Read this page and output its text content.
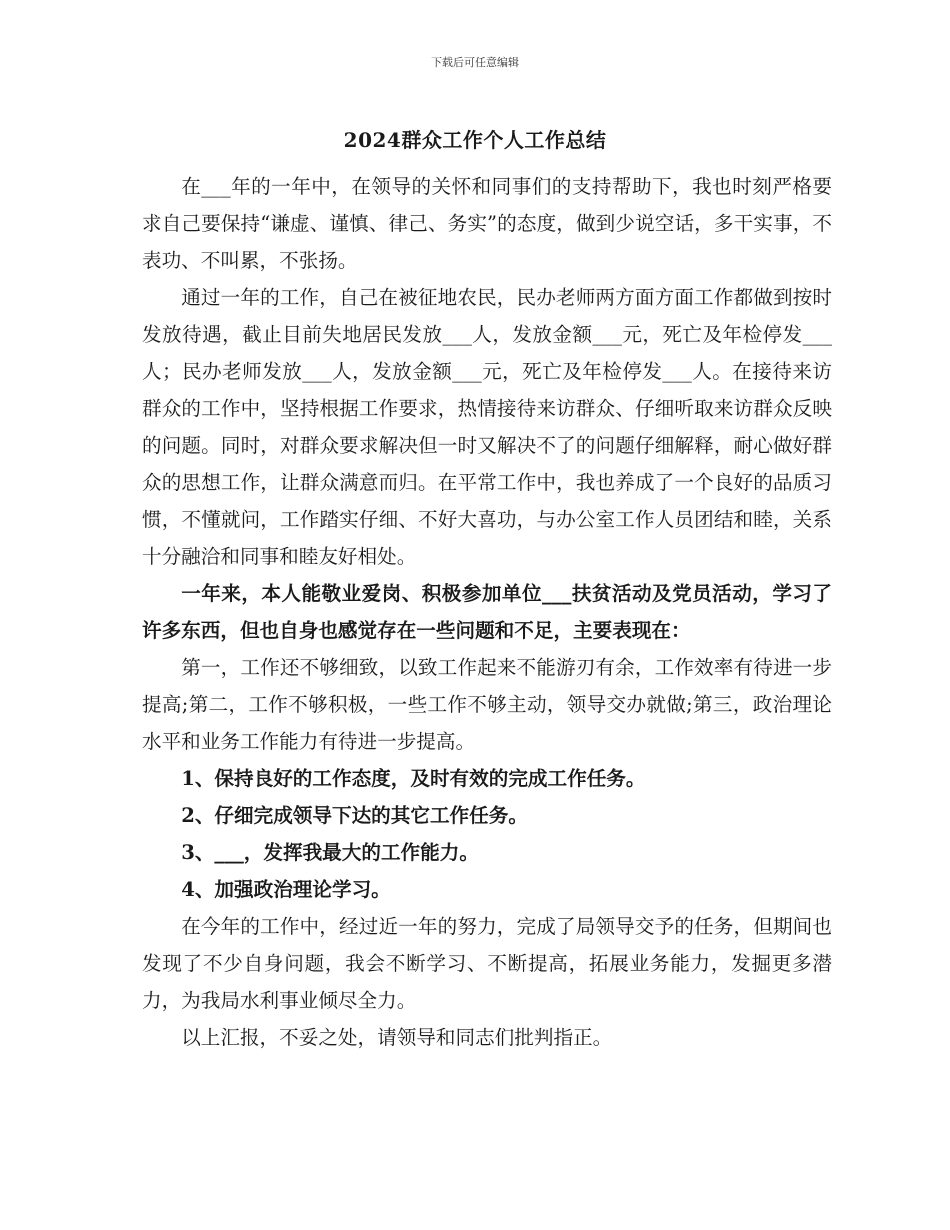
下载后可任意编辑
2024群众工作个人工作总结

在___年的一年中，在领导的关怀和同事们的支持帮助下，我也时刻严格要求自己要保持“谦虚、谨慎、律己、务实”的态度，做到少说空话，多干实事，不表功、不叫累，不张扬。

通过一年的工作，自己在被征地农民，民办老师两方面方面工作都做到按时发放待遇，截止目前失地居民发放___人，发放金额___元，死亡及年检停发___人；民办老师发放___人，发放金额___元，死亡及年检停发___人。在接待来访群众的工作中，坚持根据工作要求，热情接待来访群众、仔细听取来访群众反映的问题。同时，对群众要求解决但一时又解决不了的问题仔细解释，耐心做好群众的思想工作，让群众满意而归。在平常工作中，我也养成了一个良好的品质习惯，不懂就问，工作踏实仔细、不好大喜功，与办公室工作人员团结和睦，关系十分融洽和同事和睦友好相处。

一年来，本人能敬业爱岗、积极参加单位___扶贫活动及党员活动，学习了许多东西，但也自身也感觉存在一些问题和不足，主要表现在：

第一，工作还不够细致，以致工作起来不能游刃有余，工作效率有待进一步提高;第二，工作不够积极，一些工作不够主动，领导交办就做;第三，政治理论水平和业务工作能力有待进一步提高。

1、保持良好的工作态度，及时有效的完成工作任务。

2、仔细完成领导下达的其它工作任务。

3、___，发挥我最大的工作能力。

4、加强政治理论学习。

在今年的工作中，经过近一年的努力，完成了局领导交予的任务，但期间也发现了不少自身问题，我会不断学习、不断提高，拓展业务能力，发掘更多潜力，为我局水利事业倾尽全力。

以上汇报，不妥之处，请领导和同志们批判指正。
